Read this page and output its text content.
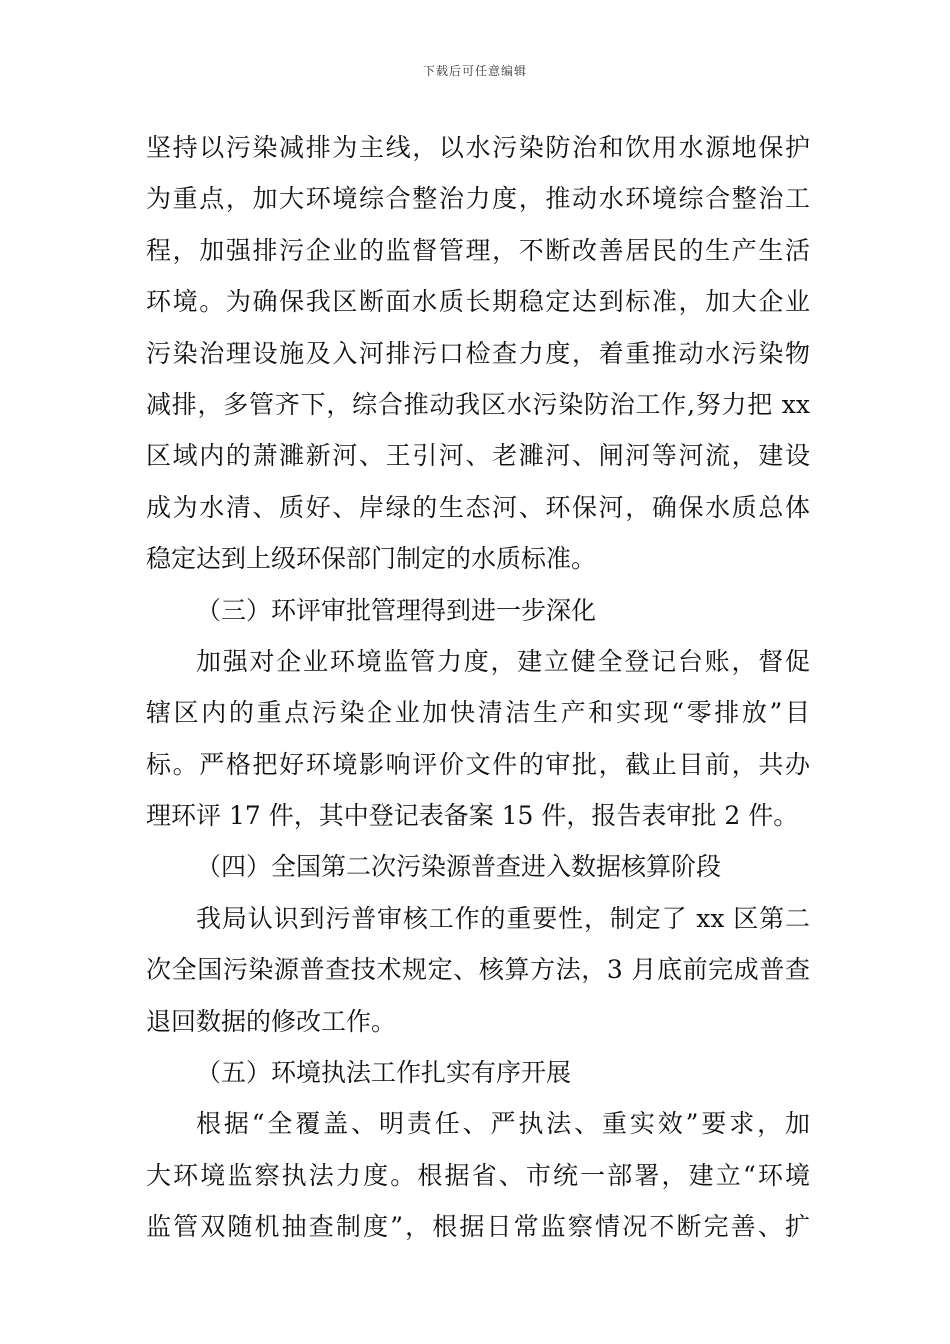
下载后可任意编辑
坚持以污染减排为主线，以水污染防治和饮用水源地保护
为重点，加大环境综合整治力度，推动水环境综合整治工
程，加强排污企业的监督管理，不断改善居民的生产生活
环境。为确保我区断面水质长期稳定达到标准，加大企业
污染治理设施及入河排污口检查力度，着重推动水污染物
减排，多管齐下，综合推动我区水污染防治工作,努力把 xx
区域内的萧濉新河、王引河、老濉河、闸河等河流，建设
成为水清、质好、岸绿的生态河、环保河，确保水质总体
稳定达到上级环保部门制定的水质标准。
（三）环评审批管理得到进一步深化
加强对企业环境监管力度，建立健全登记台账，督促
辖区内的重点污染企业加快清洁生产和实现“零排放”目
标。严格把好环境影响评价文件的审批，截止目前，共办
理环评 17 件，其中登记表备案 15 件，报告表审批 2 件。
（四）全国第二次污染源普查进入数据核算阶段
我局认识到污普审核工作的重要性，制定了 xx 区第二
次全国污染源普查技术规定、核算方法，3 月底前完成普查
退回数据的修改工作。
（五）环境执法工作扎实有序开展
根据“全覆盖、明责任、严执法、重实效”要求，加
大环境监察执法力度。根据省、市统一部署，建立“环境
监管双随机抽查制度”，根据日常监察情况不断完善、扩
